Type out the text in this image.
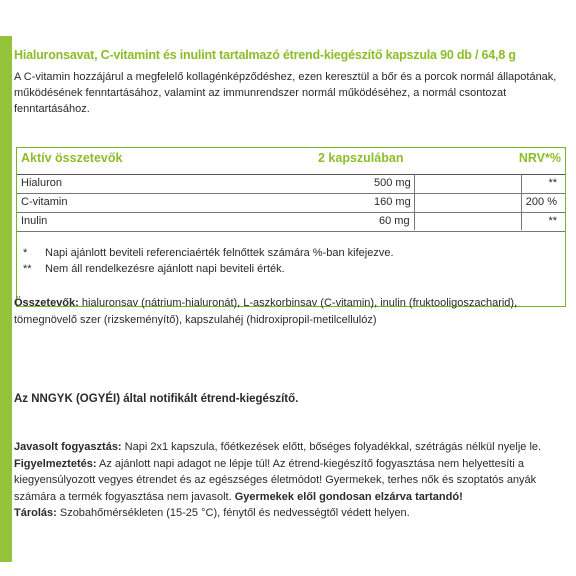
Hialuronsavat, C-vitamint és inulint tartalmazó étrend-kiegészítő kapszula 90 db / 64,8 g
A C-vitamin hozzájárul a megfelelő kollagénképződéshez, ezen keresztül a bőr és a porcok normál állapotának, működésének fenntartásához, valamint az immunrendszer normál működéséhez, a normál csontozat fenntartásához.
Aktív összetevők	2 kapszulában	NRV*%
Hialuron	500 mg	**
C-vitamin	160 mg	200 %
Inulin	60 mg	**
* Napi ajánlott beviteli referenciaérték felnőttek számára %-ban kifejezve.
** Nem áll rendelkezésre ajánlott napi beviteli érték.
Összetevők: hialuronsav (nátrium-hialuronát), L-aszkorbinsav (C-vitamin), inulin (fruktooligoszacharid), tömegnövelő szer (rizskeményítő), kapszulahéj (hidroxipropil-metilcellulóz)
Az NNGYK (OGYÉI) által notifikált étrend-kiegészítő.
Javasolt fogyasztás: Napi 2x1 kapszula, főétkezések előtt, bőséges folyadékkal, szétrágás nélkül nyelje le.
Figyelmeztetés: Az ajánlott napi adagot ne lépje túl! Az étrend-kiegészítő fogyasztása nem helyettesíti a kiegyensúlyozott vegyes étrendet és az egészséges életmódot! Gyermekek, terhes nők és szoptatós anyák számára a termék fogyasztása nem javasolt. Gyermekek elől gondosan elzárva tartandó!
Tárolás: Szobahőmérsékleten (15-25 °C), fénytől és nedvességtől védett helyen.
